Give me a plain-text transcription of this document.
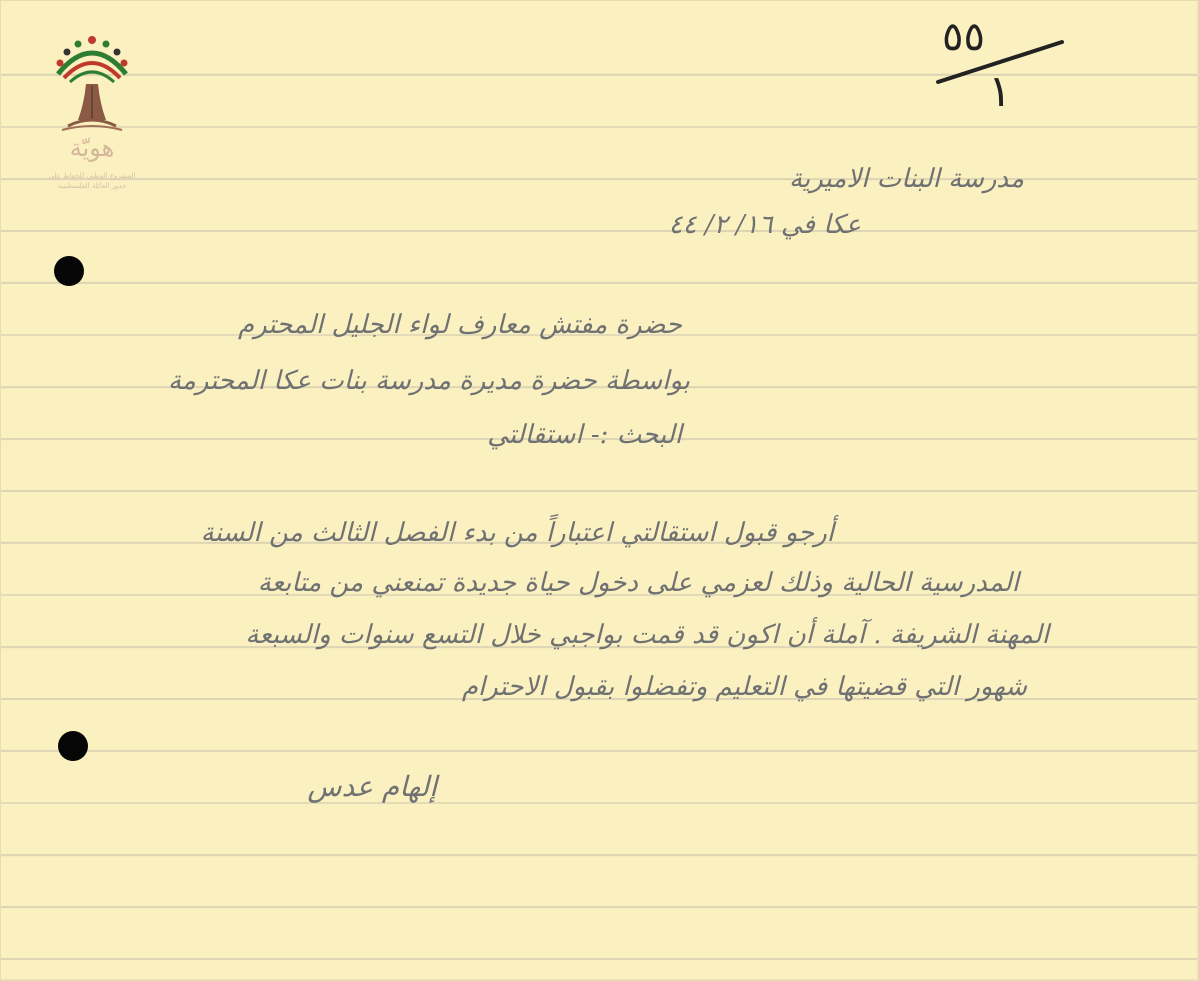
هويّة
المشروع الوطني للحفاظ على
جذور العائلة الفلسطينية
٥٥
١
مدرسة البنات الاميرية
عكا في ١٦/ ٢/ ٤٤
حضرة مفتش معارف لواء الجليل المحترم
بواسطة حضرة مديرة مدرسة بنات عكا المحترمة
البحث :- استقالتي
أرجو قبول استقالتي اعتباراً من بدء الفصل الثالث من السنة
المدرسية الحالية وذلك لعزمي على دخول حياة جديدة تمنعني من متابعة
المهنة الشريفة . آملة أن اكون قد قمت بواجبي خلال التسع سنوات والسبعة
شهور التي قضيتها في التعليم وتفضلوا بقبول الاحترام
إلهام عدس
